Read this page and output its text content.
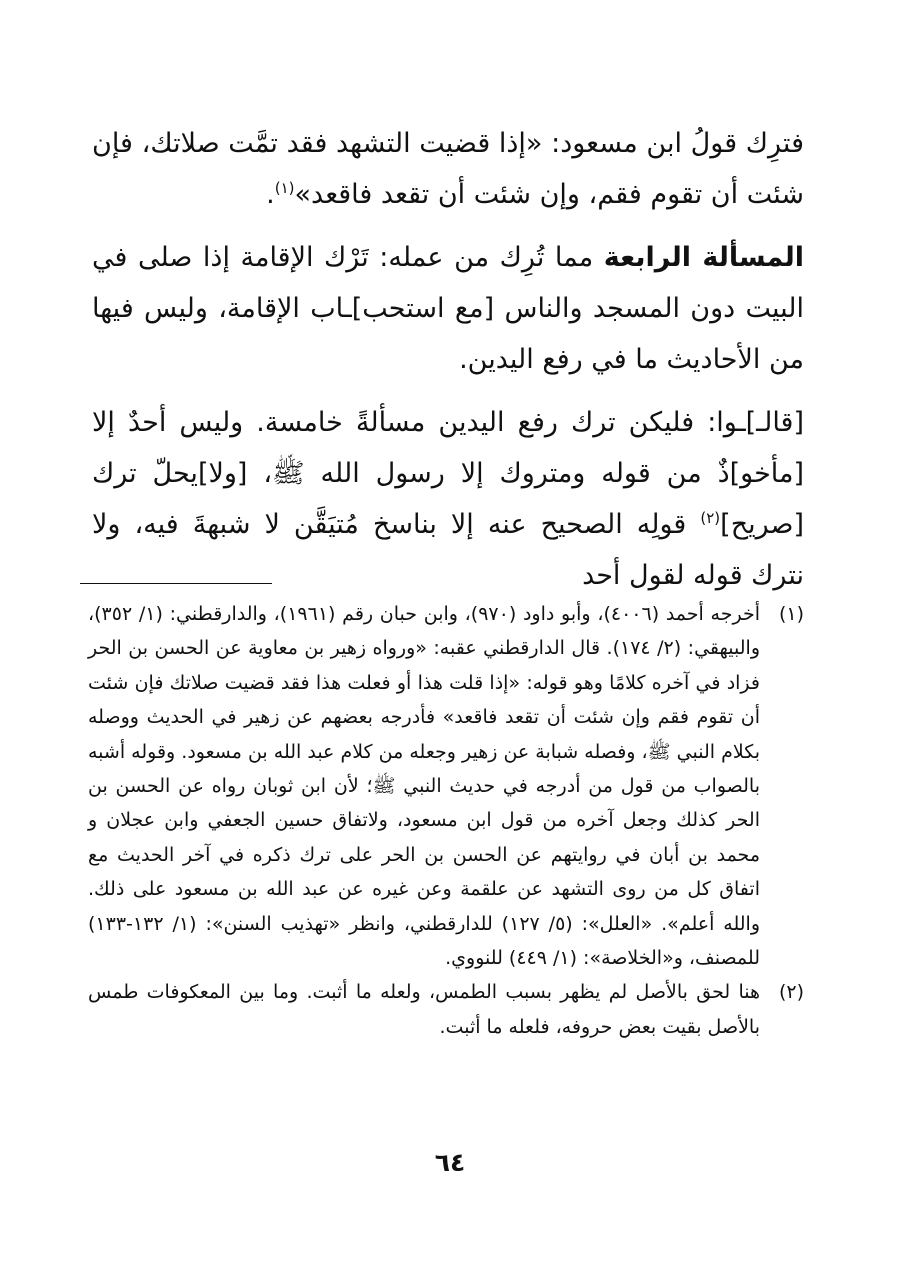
فترِك قولُ ابن مسعود: «إذا قضيت التشهد فقد تمَّت صلاتك، فإن شئت أن تقوم فقم، وإن شئت أن تقعد فاقعد»$^{(١)}$.

المسألة الرابعة مما تُرِك من عمله: تَرْك الإقامة إذا صلى في البيت دون المسجد والناس [مع استحب]ـاب الإقامة، وليس فيها من الأحاديث ما في رفع اليدين.

[قالـ]ـوا: فليكن ترك رفع اليدين مسألةً خامسة. وليس أحدٌ إلا [مأخو]ذٌ من قوله ومتروك إلا رسول الله ﷺ، [ولا]يحلّ ترك [صريح]$^{(٢)}$ قولِه الصحيح عنه إلا بناسخ مُتيَقَّن لا شبهةَ فيه، ولا نترك قوله لقول أحد

(١)
أخرجه أحمد (٤٠٠٦)، وأبو داود (٩٧٠)، وابن حبان رقم (١٩٦١)، والدارقطني: (١/ ٣٥٢)، والبيهقي: (٢/ ١٧٤). قال الدارقطني عقبه: «ورواه زهير بن معاوية عن الحسن بن الحر فزاد في آخره كلامًا وهو قوله: «إذا قلت هذا أو فعلت هذا فقد قضيت صلاتك فإن شئت أن تقوم فقم وإن شئت أن تقعد فاقعد» فأدرجه بعضهم عن زهير في الحديث ووصله بكلام النبي ﷺ، وفصله شبابة عن زهير وجعله من كلام عبد الله بن مسعود. وقوله أشبه بالصواب من قول من أدرجه في حديث النبي ﷺ؛ لأن ابن ثوبان رواه عن الحسن بن الحر كذلك وجعل آخره من قول ابن مسعود، ولاتفاق حسين الجعفي وابن عجلان و محمد بن أبان في روايتهم عن الحسن بن الحر على ترك ذكره في آخر الحديث مع اتفاق كل من روى التشهد عن علقمة وعن غيره عن عبد الله بن مسعود على ذلك. والله أعلم». «العلل»: (٥/ ١٢٧) للدارقطني، وانظر «تهذيب السنن»: (١/ ١٣٢-١٣٣) للمصنف، و«الخلاصة»: (١/ ٤٤٩) للنووي.
(٢)
هنا لحق بالأصل لم يظهر بسبب الطمس، ولعله ما أثبت. وما بين المعكوفات طمس بالأصل بقيت بعض حروفه، فلعله ما أثبت.
٦٤
